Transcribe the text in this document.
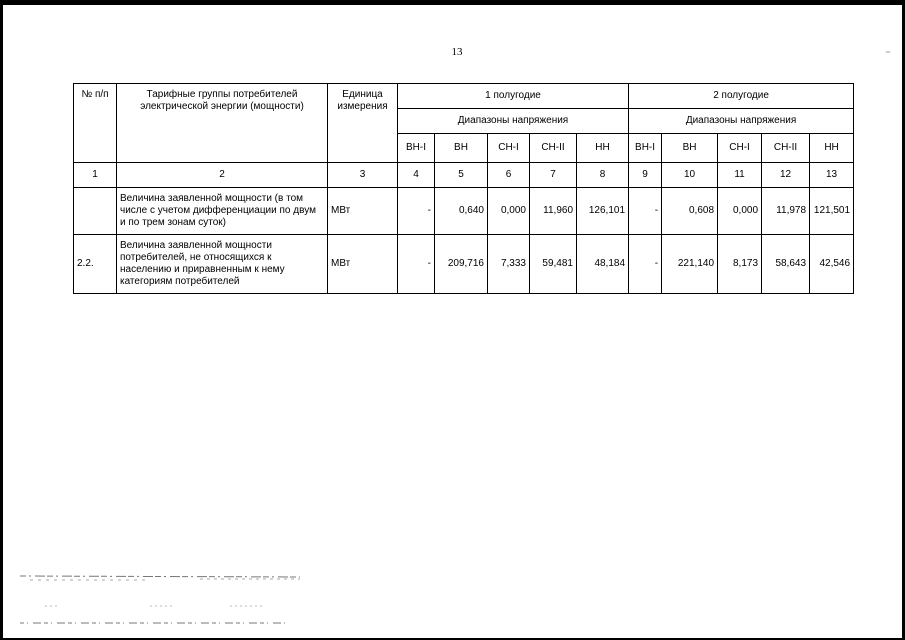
13
№ п/п	Тарифные группы потребителей электрической энергии (мощности)	Единица измерения	1 полугодие					2 полугодие				
			Диапазоны напряжения					Диапазоны напряжения				
			ВН-I	ВН	СН-I	СН-II	НН	ВН-I	ВН	СН-I	СН-II	НН
1	2	3	4	5	6	7	8	9	10	11	12	13
	Величина заявленной мощности (в том числе с учетом дифференциации по двум и по трем зонам суток)	МВт	-	0,640	0,000	11,960	126,101	-	0,608	0,000	11,978	121,501
2.2.	Величина заявленной мощности потребителей, не относящихся к населению и приравненным к нему категориям потребителей	МВт	-	209,716	7,333	59,481	48,184	-	221,140	8,173	58,643	42,546
